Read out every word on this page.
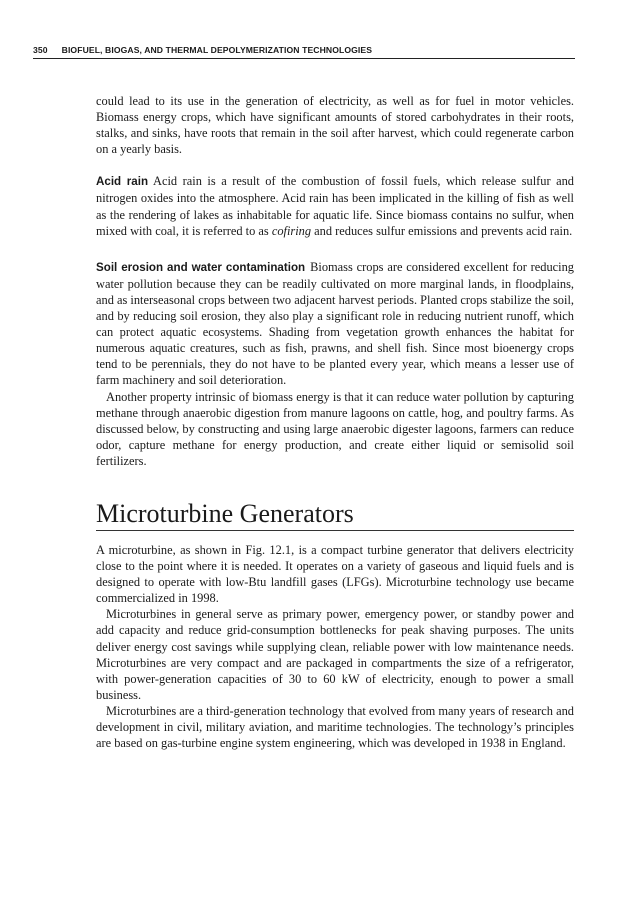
350 BIOFUEL, BIOGAS, AND THERMAL DEPOLYMERIZATION TECHNOLOGIES

could lead to its use in the generation of electricity, as well as for fuel in motor vehicles. Biomass energy crops, which have significant amounts of stored carbohydrates in their roots, stalks, and sinks, have roots that remain in the soil after harvest, which could regenerate carbon on a yearly basis.

Acid rain Acid rain is a result of the combustion of fossil fuels, which release sulfur and nitrogen oxides into the atmosphere. Acid rain has been implicated in the killing of fish as well as the rendering of lakes as inhabitable for aquatic life. Since biomass contains no sulfur, when mixed with coal, it is referred to as cofiring and reduces sulfur emissions and prevents acid rain.

Soil erosion and water contamination Biomass crops are considered excellent for reducing water pollution because they can be readily cultivated on more marginal lands, in floodplains, and as interseasonal crops between two adjacent harvest periods. Planted crops stabilize the soil, and by reducing soil erosion, they also play a significant role in reducing nutrient runoff, which can protect aquatic ecosystems. Shading from vegetation growth enhances the habitat for numerous aquatic creatures, such as fish, prawns, and shell fish. Since most bioenergy crops tend to be perennials, they do not have to be planted every year, which means a lesser use of farm machinery and soil deterioration.

Another property intrinsic of biomass energy is that it can reduce water pollution by capturing methane through anaerobic digestion from manure lagoons on cattle, hog, and poultry farms. As discussed below, by constructing and using large anaerobic digester lagoons, farmers can reduce odor, capture methane for energy production, and create either liquid or semisolid soil fertilizers.

Microturbine Generators

A microturbine, as shown in Fig. 12.1, is a compact turbine generator that delivers electricity close to the point where it is needed. It operates on a variety of gaseous and liquid fuels and is designed to operate with low-Btu landfill gases (LFGs). Microturbine technology use became commercialized in 1998.

Microturbines in general serve as primary power, emergency power, or standby power and add capacity and reduce grid-consumption bottlenecks for peak shaving purposes. The units deliver energy cost savings while supplying clean, reliable power with low maintenance needs. Microturbines are very compact and are packaged in compartments the size of a refrigerator, with power-generation capacities of 30 to 60 kW of electricity, enough to power a small business.

Microturbines are a third-generation technology that evolved from many years of research and development in civil, military aviation, and maritime technologies. The technology’s principles are based on gas-turbine engine system engineering, which was developed in 1938 in England.
